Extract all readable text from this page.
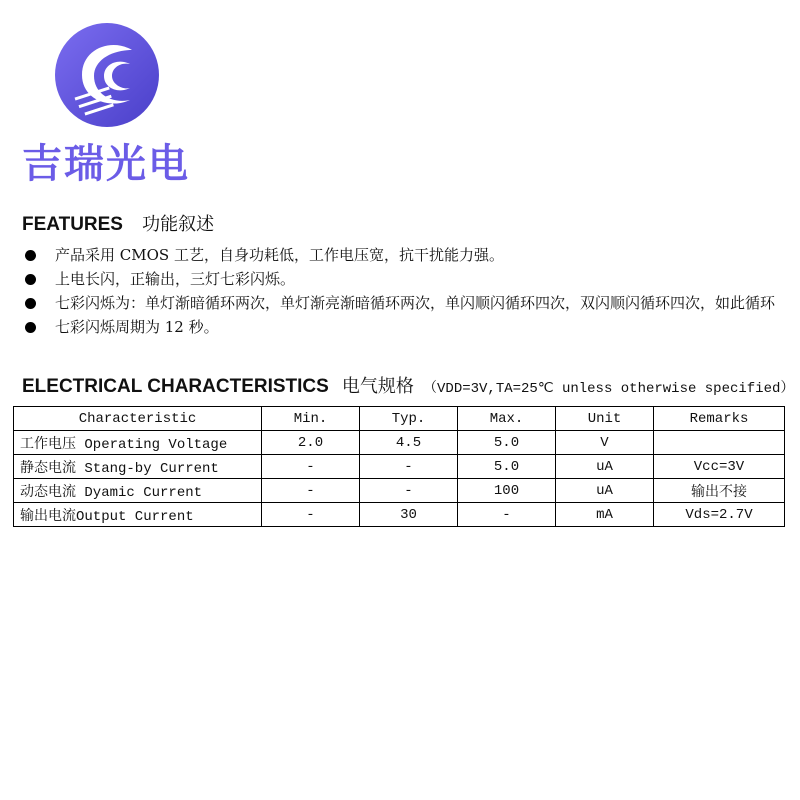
吉瑞光电
FEATURES 功能叙述
产品采用 CMOS 工艺，自身功耗低，工作电压宽，抗干扰能力强。
上电长闪，正输出，三灯七彩闪烁。
七彩闪烁为：单灯渐暗循环两次，单灯渐亮渐暗循环两次，单闪顺闪循环四次，双闪顺闪循环四次，如此循环
七彩闪烁周期为 12 秒。
ELECTRICAL CHARACTERISTICS 电气规格 （VDD=3V,TA=25℃ unless otherwise specified）
Characteristic	Min.	Typ.	Max.	Unit	Remarks
工作电压 Operating Voltage	2.0	4.5	5.0	V	
静态电流 Stang-by Current	-	-	5.0	uA	Vcc=3V
动态电流 Dyamic Current	-	-	100	uA	输出不接
输出电流Output Current	-	30	-	mA	Vds=2.7V
